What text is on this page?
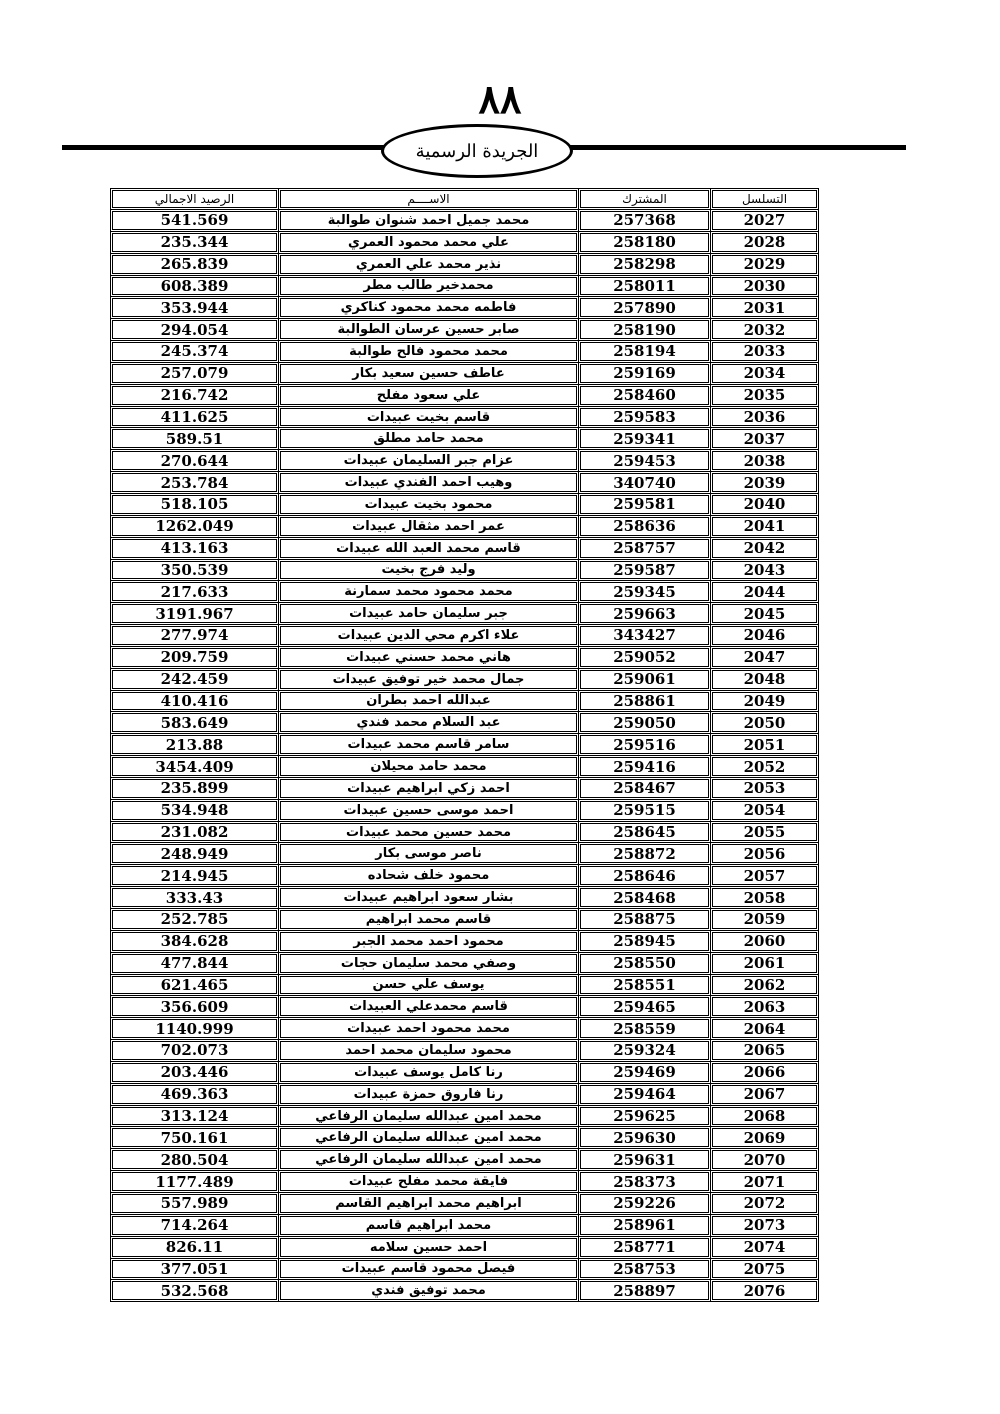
٨٨
الجريدة الرسمية
الرصيد الاجمالي	الاســــم	المشترك	التسلسل
541.569	محمد جميل احمد شنوان طوالبة	257368	2027
235.344	علي محمد محمود العمري	258180	2028
265.839	نذير محمد علي العمري	258298	2029
608.389	محمدخير طالب مطر	258011	2030
353.944	فاطمه محمد محمود كناكري	257890	2031
294.054	صابر حسين عرسان الطوالبة	258190	2032
245.374	محمد محمود فالح طوالبة	258194	2033
257.079	عاطف حسين سعيد بكار	259169	2034
216.742	علي سعود مفلح	258460	2035
411.625	قاسم بخيت عبيدات	259583	2036
589.51	محمد حامد مطلق	259341	2037
270.644	عزام جبر السليمان عبيدات	259453	2038
253.784	وهيب احمد الفندي عبيدات	340740	2039
518.105	محمود بخيت عبيدات	259581	2040
1262.049	عمر احمد مثقال عبيدات	258636	2041
413.163	قاسم محمد العبد الله عبيدات	258757	2042
350.539	وليد فرج بخيت	259587	2043
217.633	محمد محمود محمد سمارنة	259345	2044
3191.967	جبر سليمان حامد عبيدات	259663	2045
277.974	علاء اكرم محي الدين عبيدات	343427	2046
209.759	هاني محمد حسني عبيدات	259052	2047
242.459	جمال محمد خير توفيق عبيدات	259061	2048
410.416	عبدالله احمد بطران	258861	2049
583.649	عبد السلام محمد فندي	259050	2050
213.88	سامر قاسم محمد عبيدات	259516	2051
3454.409	محمد حامد محيلان	259416	2052
235.899	احمد زكي ابراهيم عبيدات	258467	2053
534.948	احمد موسى حسين عبيدات	259515	2054
231.082	محمد حسين محمد عبيدات	258645	2055
248.949	ناصر موسى بكار	258872	2056
214.945	محمود خلف شحاده	258646	2057
333.43	بشار سعود ابراهيم عبيدات	258468	2058
252.785	قاسم محمد ابراهيم	258875	2059
384.628	محمود احمد محمد الجبر	258945	2060
477.844	وصفي محمد سليمان حجات	258550	2061
621.465	يوسف علي حسن	258551	2062
356.609	قاسم محمدعلي العبيدات	259465	2063
1140.999	محمد محمود احمد عبيدات	258559	2064
702.073	محمود سليمان محمد احمد	259324	2065
203.446	رنا كامل يوسف عبيدات	259469	2066
469.363	رنا فاروق حمزة عبيدات	259464	2067
313.124	محمد امين عبدالله سليمان الرفاعي	259625	2068
750.161	محمد امين عبدالله سليمان الرفاعي	259630	2069
280.504	محمد امين عبدالله سليمان الرفاعي	259631	2070
1177.489	فايقة محمد مفلح عبيدات	258373	2071
557.989	ابراهيم محمد ابراهيم القاسم	259226	2072
714.264	محمد ابراهيم قاسم	258961	2073
826.11	احمد حسين سلامه	258771	2074
377.051	فيصل محمود قاسم عبيدات	258753	2075
532.568	محمد توفيق فندي	258897	2076
